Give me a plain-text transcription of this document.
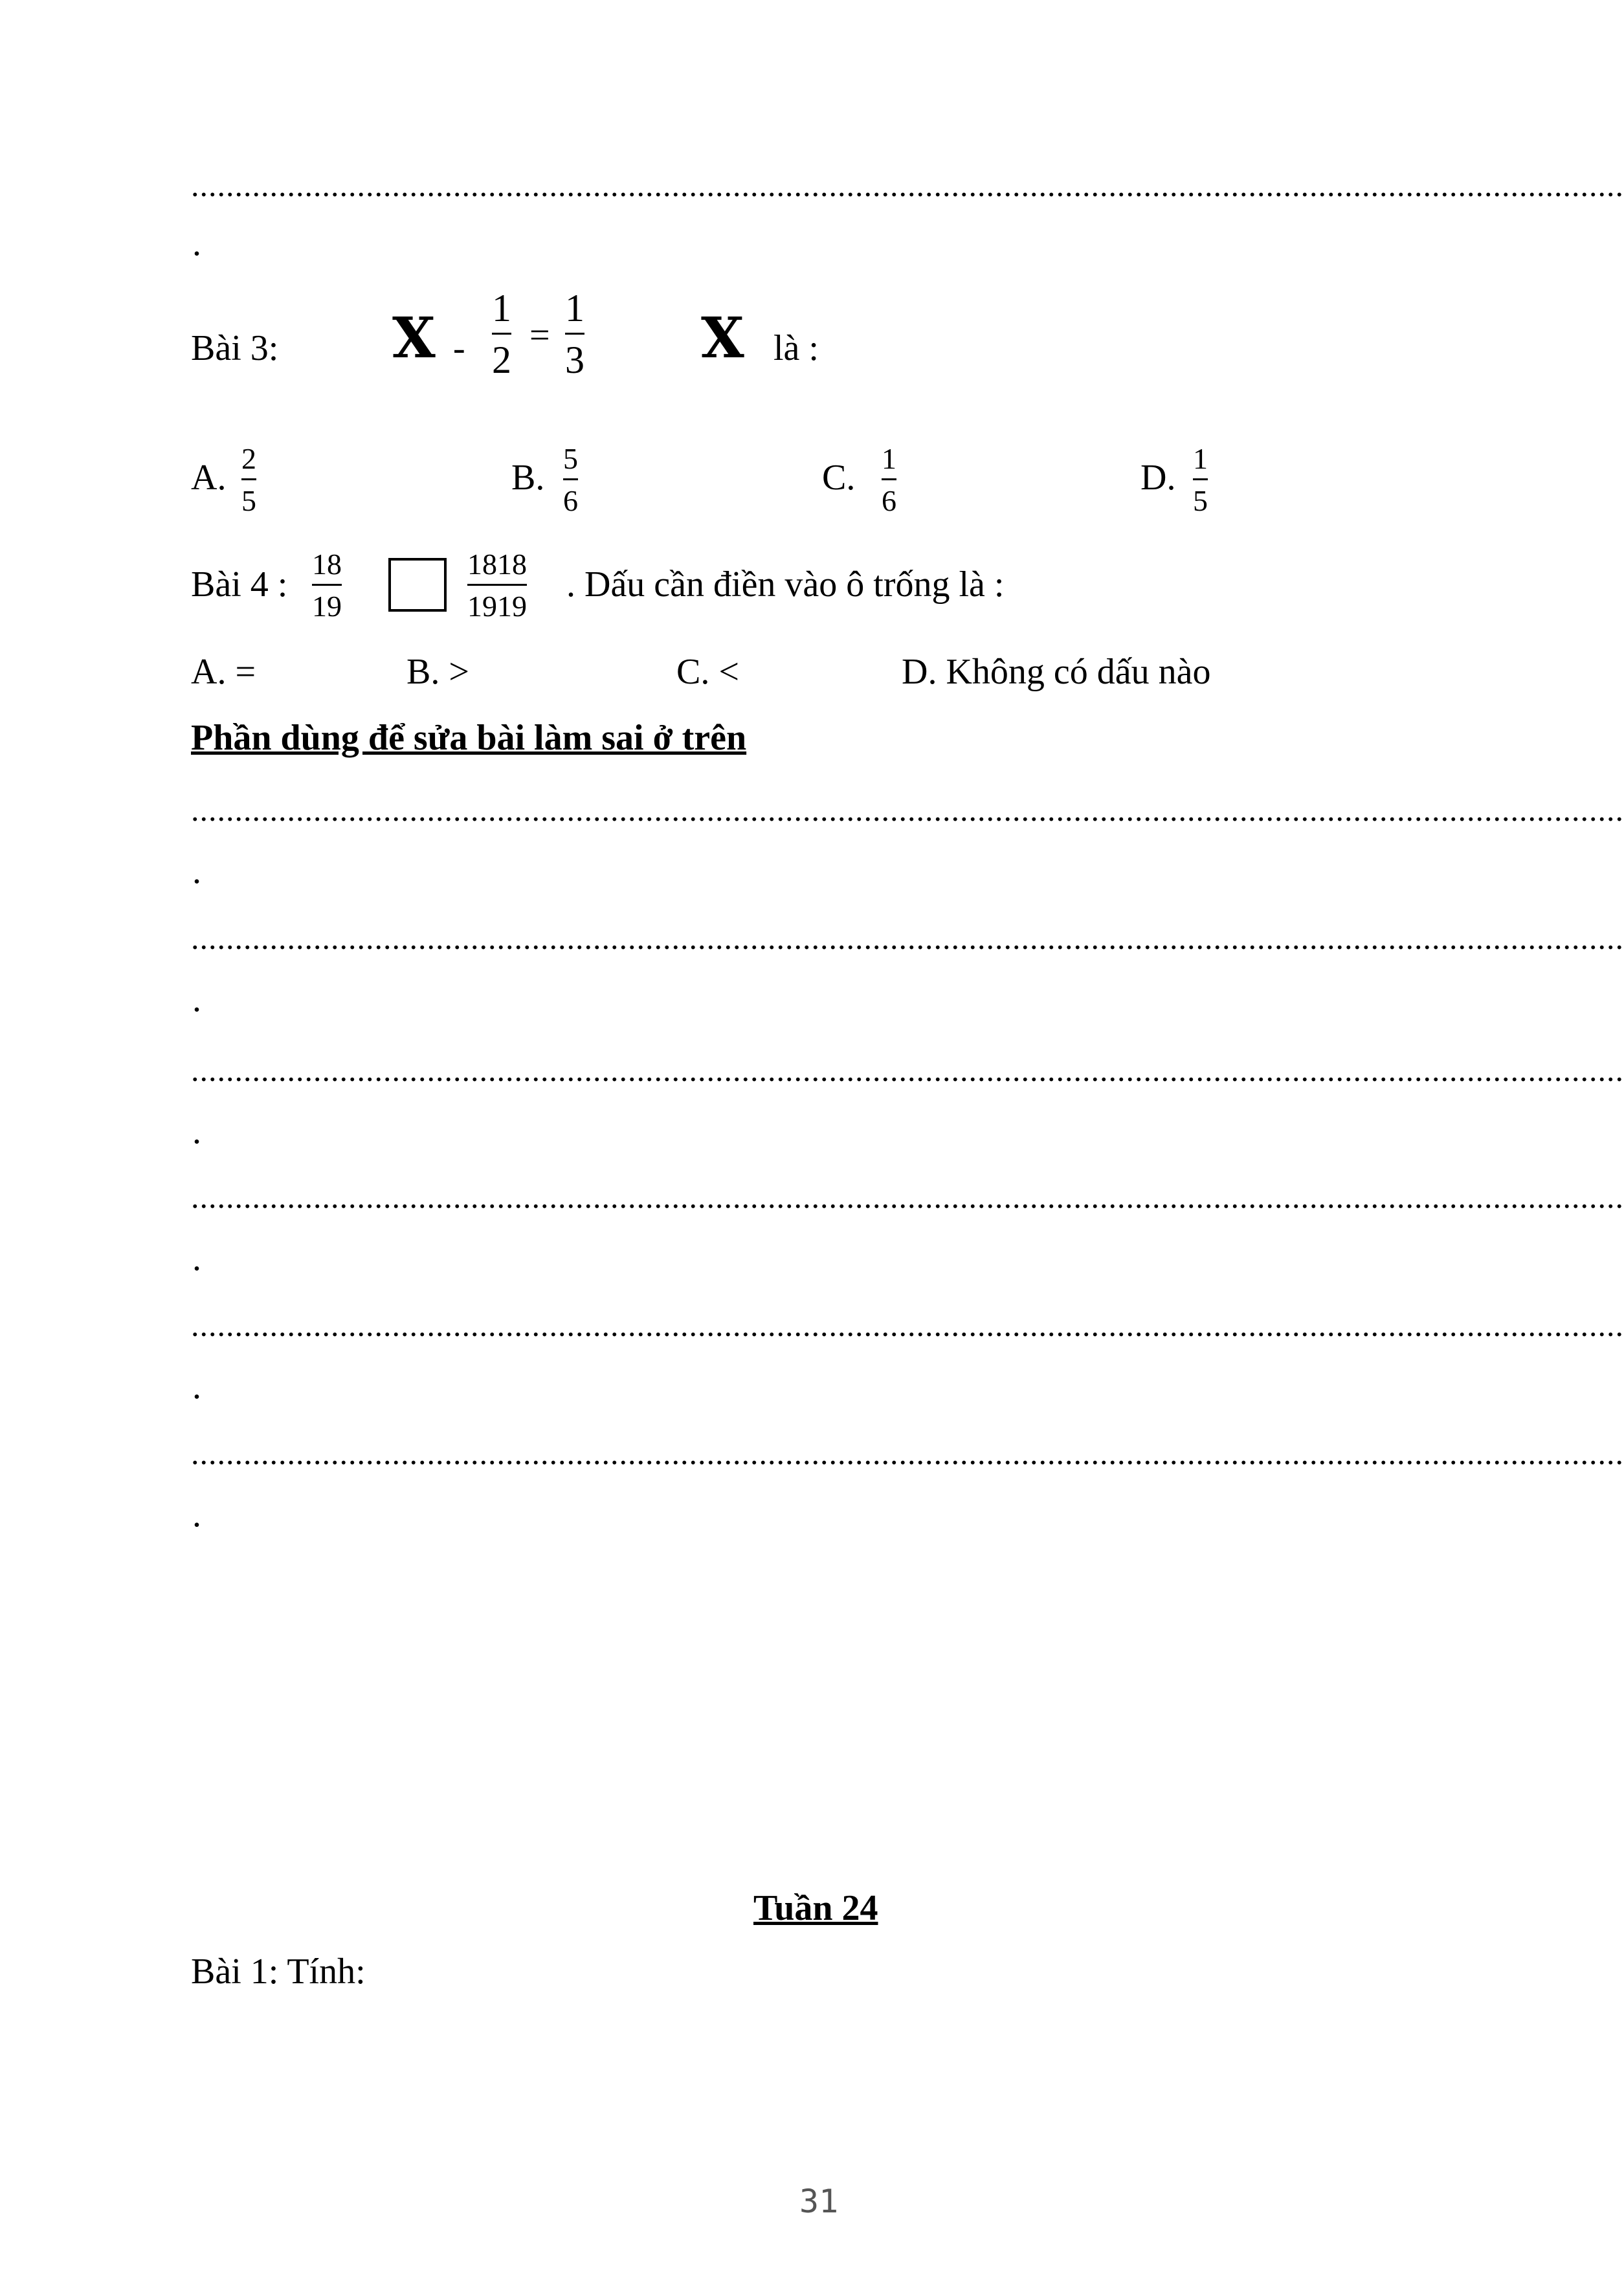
....................................................................................................................................................................
.
Bài 3: X -
1
2
=
1
3 X là :
A. 2
5
B. 5
6
C. 1
6
D. 1
5
Bài 4 :
18
19
1818
1919
. Dấu cần điền vào ô trống là :
A. =	B. >	C. <	D. Không có dấu nào
Phần dùng để sửa bài làm sai ở trên
....................................................................................................................................................................
.
....................................................................................................................................................................
.
....................................................................................................................................................................
.
....................................................................................................................................................................
.
....................................................................................................................................................................
.
....................................................................................................................................................................
.
Tuần 24
Bài 1: Tính:
31
